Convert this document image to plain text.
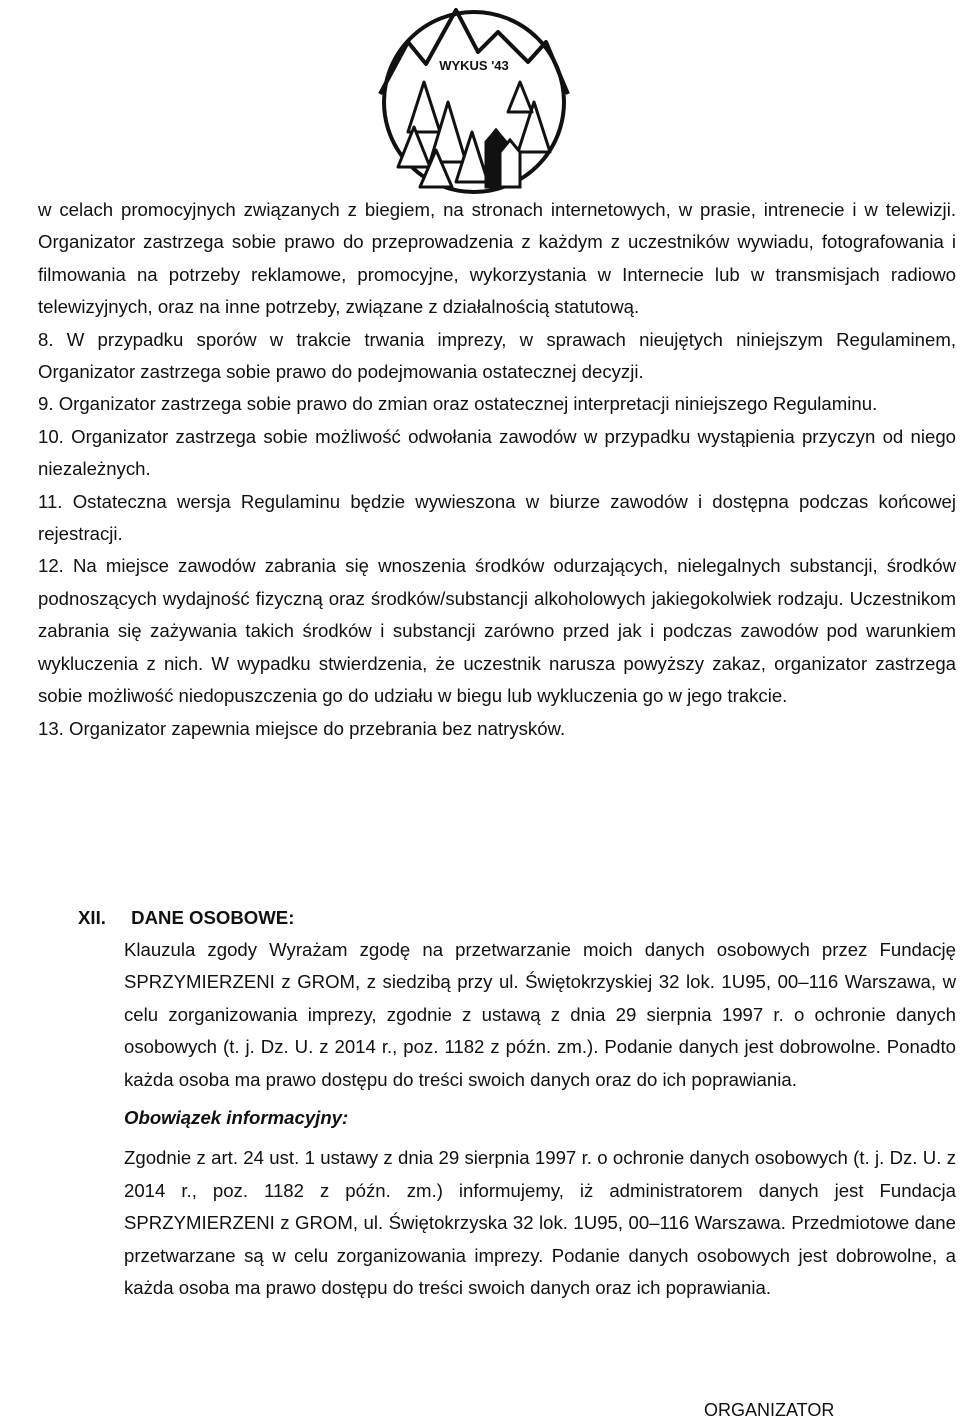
WYKUS '43
w celach promocyjnych związanych z biegiem, na stronach internetowych, w prasie, intrenecie i w telewizji. Organizator zastrzega sobie prawo do przeprowadzenia z każdym z uczestników wywiadu, fotografowania i filmowania na potrzeby reklamowe, promocyjne, wykorzystania w Internecie lub w transmisjach radiowo telewizyjnych, oraz na inne potrzeby, związane z działalnością statutową.
8. W przypadku sporów w trakcie trwania imprezy, w sprawach nieujętych niniejszym Regulaminem, Organizator zastrzega sobie prawo do podejmowania ostatecznej decyzji.
9. Organizator zastrzega sobie prawo do zmian oraz ostatecznej interpretacji niniejszego Regulaminu.
10. Organizator zastrzega sobie możliwość odwołania zawodów w przypadku wystąpienia przyczyn od niego niezależnych.
11. Ostateczna wersja Regulaminu będzie wywieszona w biurze zawodów i dostępna podczas końcowej rejestracji.
12. Na miejsce zawodów zabrania się wnoszenia środków odurzających, nielegalnych substancji, środków podnoszących wydajność fizyczną oraz środków/substancji alkoholowych jakiegokolwiek rodzaju. Uczestnikom zabrania się zażywania takich środków i substancji zarówno przed jak i podczas zawodów pod warunkiem wykluczenia z nich. W wypadku stwierdzenia, że uczestnik narusza powyższy zakaz, organizator zastrzega sobie możliwość niedopuszczenia go do udziału w biegu lub wykluczenia go w jego trakcie.
13. Organizator zapewnia miejsce do przebrania bez natrysków.
XII. DANE OSOBOWE:
Klauzula zgody Wyrażam zgodę na przetwarzanie moich danych osobowych przez Fundację SPRZYMIERZENI z GROM, z siedzibą przy ul. Świętokrzyskiej 32 lok. 1U95, 00–116 Warszawa, w celu zorganizowania imprezy, zgodnie z ustawą z dnia 29 sierpnia 1997 r. o ochronie danych osobowych (t. j. Dz. U. z 2014 r., poz. 1182 z późn. zm.). Podanie danych jest dobrowolne. Ponadto każda osoba ma prawo dostępu do treści swoich danych oraz do ich poprawiania.
Obowiązek informacyjny:
Zgodnie z art. 24 ust. 1 ustawy z dnia 29 sierpnia 1997 r. o ochronie danych osobowych (t. j. Dz. U. z 2014 r., poz. 1182 z późn. zm.) informujemy, iż administratorem danych jest Fundacja SPRZYMIERZENI z GROM, ul. Świętokrzyska 32 lok. 1U95, 00–116 Warszawa. Przedmiotowe dane przetwarzane są w celu zorganizowania imprezy. Podanie danych osobowych jest dobrowolne, a każda osoba ma prawo dostępu do treści swoich danych oraz ich poprawiania.
ORGANIZATOR
